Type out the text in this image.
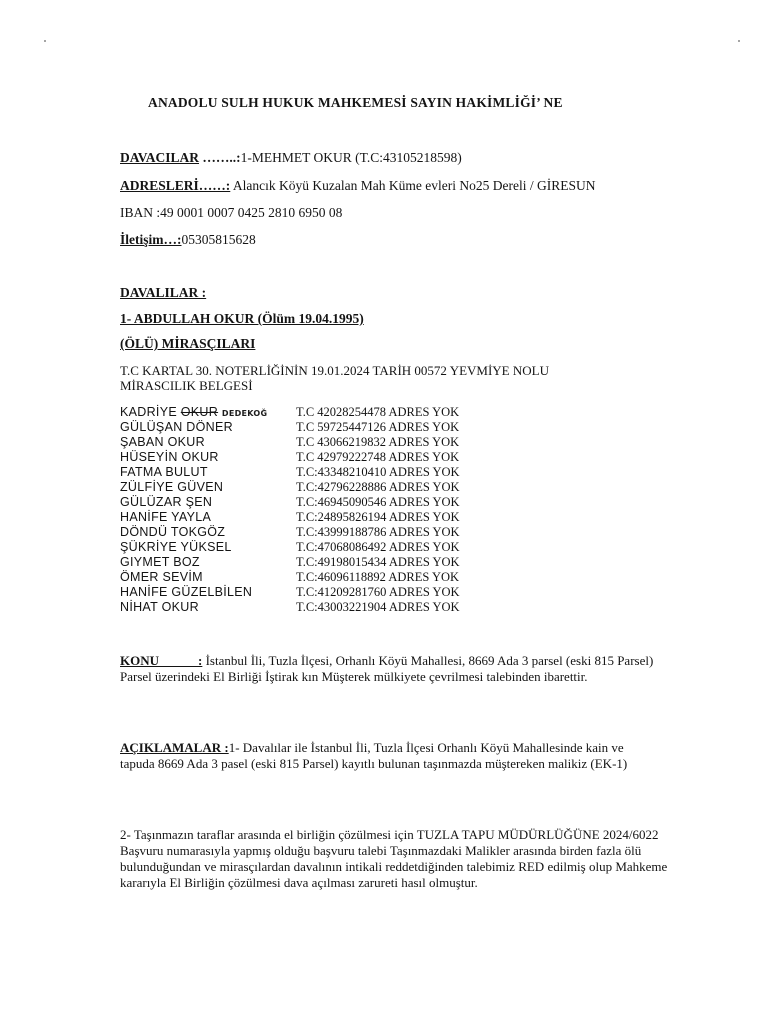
ANADOLU SULH HUKUK MAHKEMESİ SAYIN HAKİMLİĞİ’ NE
DAVACILAR ……..:1-MEHMET OKUR (T.C:43105218598)
ADRESLERİ……: Alancık Köyü Kuzalan Mah Küme evleri No25 Dereli / GİRESUN
IBAN :49 0001 0007 0425 2810 6950 08
İletişim…:05305815628
DAVALILAR :
1- ABDULLAH OKUR (Ölüm 19.04.1995)
(ÖLÜ) MİRASÇILARI
T.C KARTAL 30. NOTERLİĞİNİN 19.01.2024 TARİH 00572 YEVMİYE NOLU
MİRASCILIK BELGESİ
KADRİYE OKUR DEDEKOĞ T.C 42028254478 ADRES YOK
GÜLÜŞAN DÖNER	T.C 59725447126 ADRES YOK
ŞABAN OKUR	T.C 43066219832 ADRES YOK
HÜSEYİN OKUR	T.C 42979222748 ADRES YOK
FATMA BULUT	T.C:43348210410 ADRES YOK
ZÜLFİYE GÜVEN	T.C:42796228886 ADRES YOK
GÜLÜZAR ŞEN	T.C:46945090546 ADRES YOK
HANİFE YAYLA	T.C:24895826194 ADRES YOK
DÖNDÜ TOKGÖZ	T.C:43999188786 ADRES YOK
ŞÜKRİYE YÜKSEL	T.C:47068086492 ADRES YOK
GIYMET BOZ	T.C:49198015434 ADRES YOK
ÖMER SEVİM	T.C:46096118892 ADRES YOK
HANİFE GÜZELBİLEN	T.C:41209281760 ADRES YOK
NİHAT OKUR	T.C:43003221904 ADRES YOK
KONU            : İstanbul İli, Tuzla İlçesi, Orhanlı Köyü Mahallesi, 8669 Ada 3 parsel (eski 815 Parsel) Parsel üzerindeki El Birliği İştirak kın Müşterek mülkiyete çevrilmesi talebinden ibarettir.
AÇIKLAMALAR :1- Davalılar ile İstanbul İli, Tuzla İlçesi Orhanlı Köyü Mahallesinde kain ve tapuda 8669 Ada 3 pasel (eski 815 Parsel) kayıtlı bulunan taşınmazda müştereken malikiz (EK-1)
2- Taşınmazın taraflar arasında el birliğin çözülmesi için TUZLA TAPU MÜDÜRLÜĞÜNE 2024/6022 Başvuru numarasıyla yapmış olduğu başvuru talebi Taşınmazdaki Malikler arasında birden fazla ölü bulunduğundan ve mirasçılardan davalının intikali reddetdiğinden talebimiz RED edilmiş olup Mahkeme kararıyla El Birliğin çözülmesi dava açılması zarureti hasıl olmuştur.
